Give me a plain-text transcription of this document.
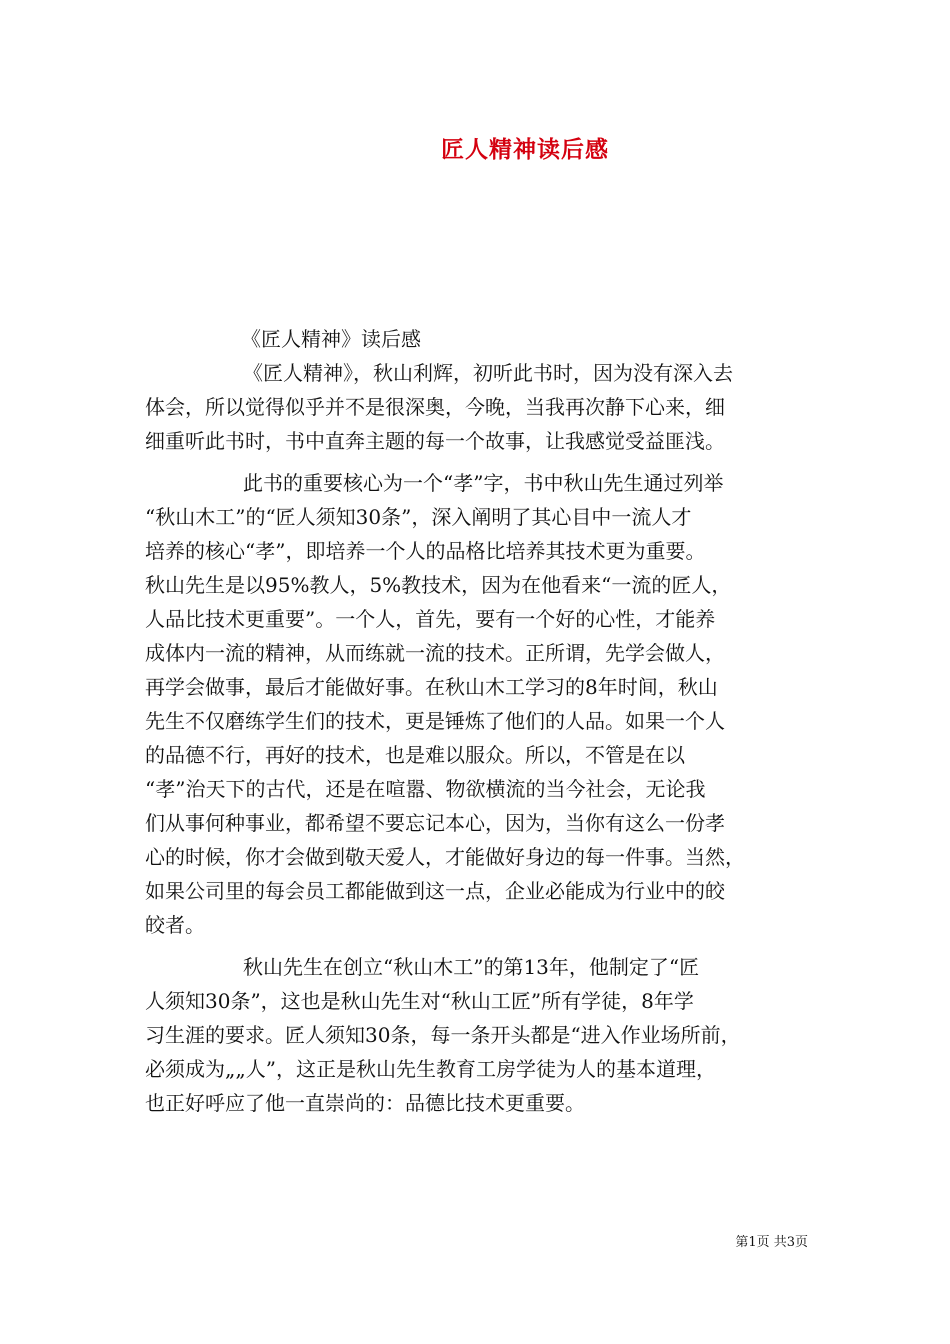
匠人精神读后感
《匠人精神》读后感
《匠人精神》，秋山利辉，初听此书时，因为没有深入去
体会，所以觉得似乎并不是很深奥，今晚，当我再次静下心来，细
细重听此书时，书中直奔主题的每一个故事，让我感觉受益匪浅。
此书的重要核心为一个“孝”字，书中秋山先生通过列举
“秋山木工”的“匠人须知30条”，深入阐明了其心目中一流人才
培养的核心“孝”，即培养一个人的品格比培养其技术更为重要。
秋山先生是以95%教人，5%教技术，因为在他看来“一流的匠人，
人品比技术更重要”。一个人，首先，要有一个好的心性，才能养
成体内一流的精神，从而练就一流的技术。正所谓，先学会做人，
再学会做事，最后才能做好事。在秋山木工学习的8年时间，秋山
先生不仅磨练学生们的技术，更是锤炼了他们的人品。如果一个人
的品德不行，再好的技术，也是难以服众。所以，不管是在以
“孝”治天下的古代，还是在喧嚣、物欲横流的当今社会，无论我
们从事何种事业，都希望不要忘记本心，因为，当你有这么一份孝
心的时候，你才会做到敬天爱人，才能做好身边的每一件事。当然，
如果公司里的每会员工都能做到这一点，企业必能成为行业中的皎
皎者。
秋山先生在创立“秋山木工”的第13年，他制定了“匠
人须知30条”，这也是秋山先生对“秋山工匠”所有学徒，8年学
习生涯的要求。匠人须知30条，每一条开头都是“进入作业场所前，
必须成为„„人”，这正是秋山先生教育工房学徒为人的基本道理，
也正好呼应了他一直崇尚的：品德比技术更重要。
第1页 共3页
